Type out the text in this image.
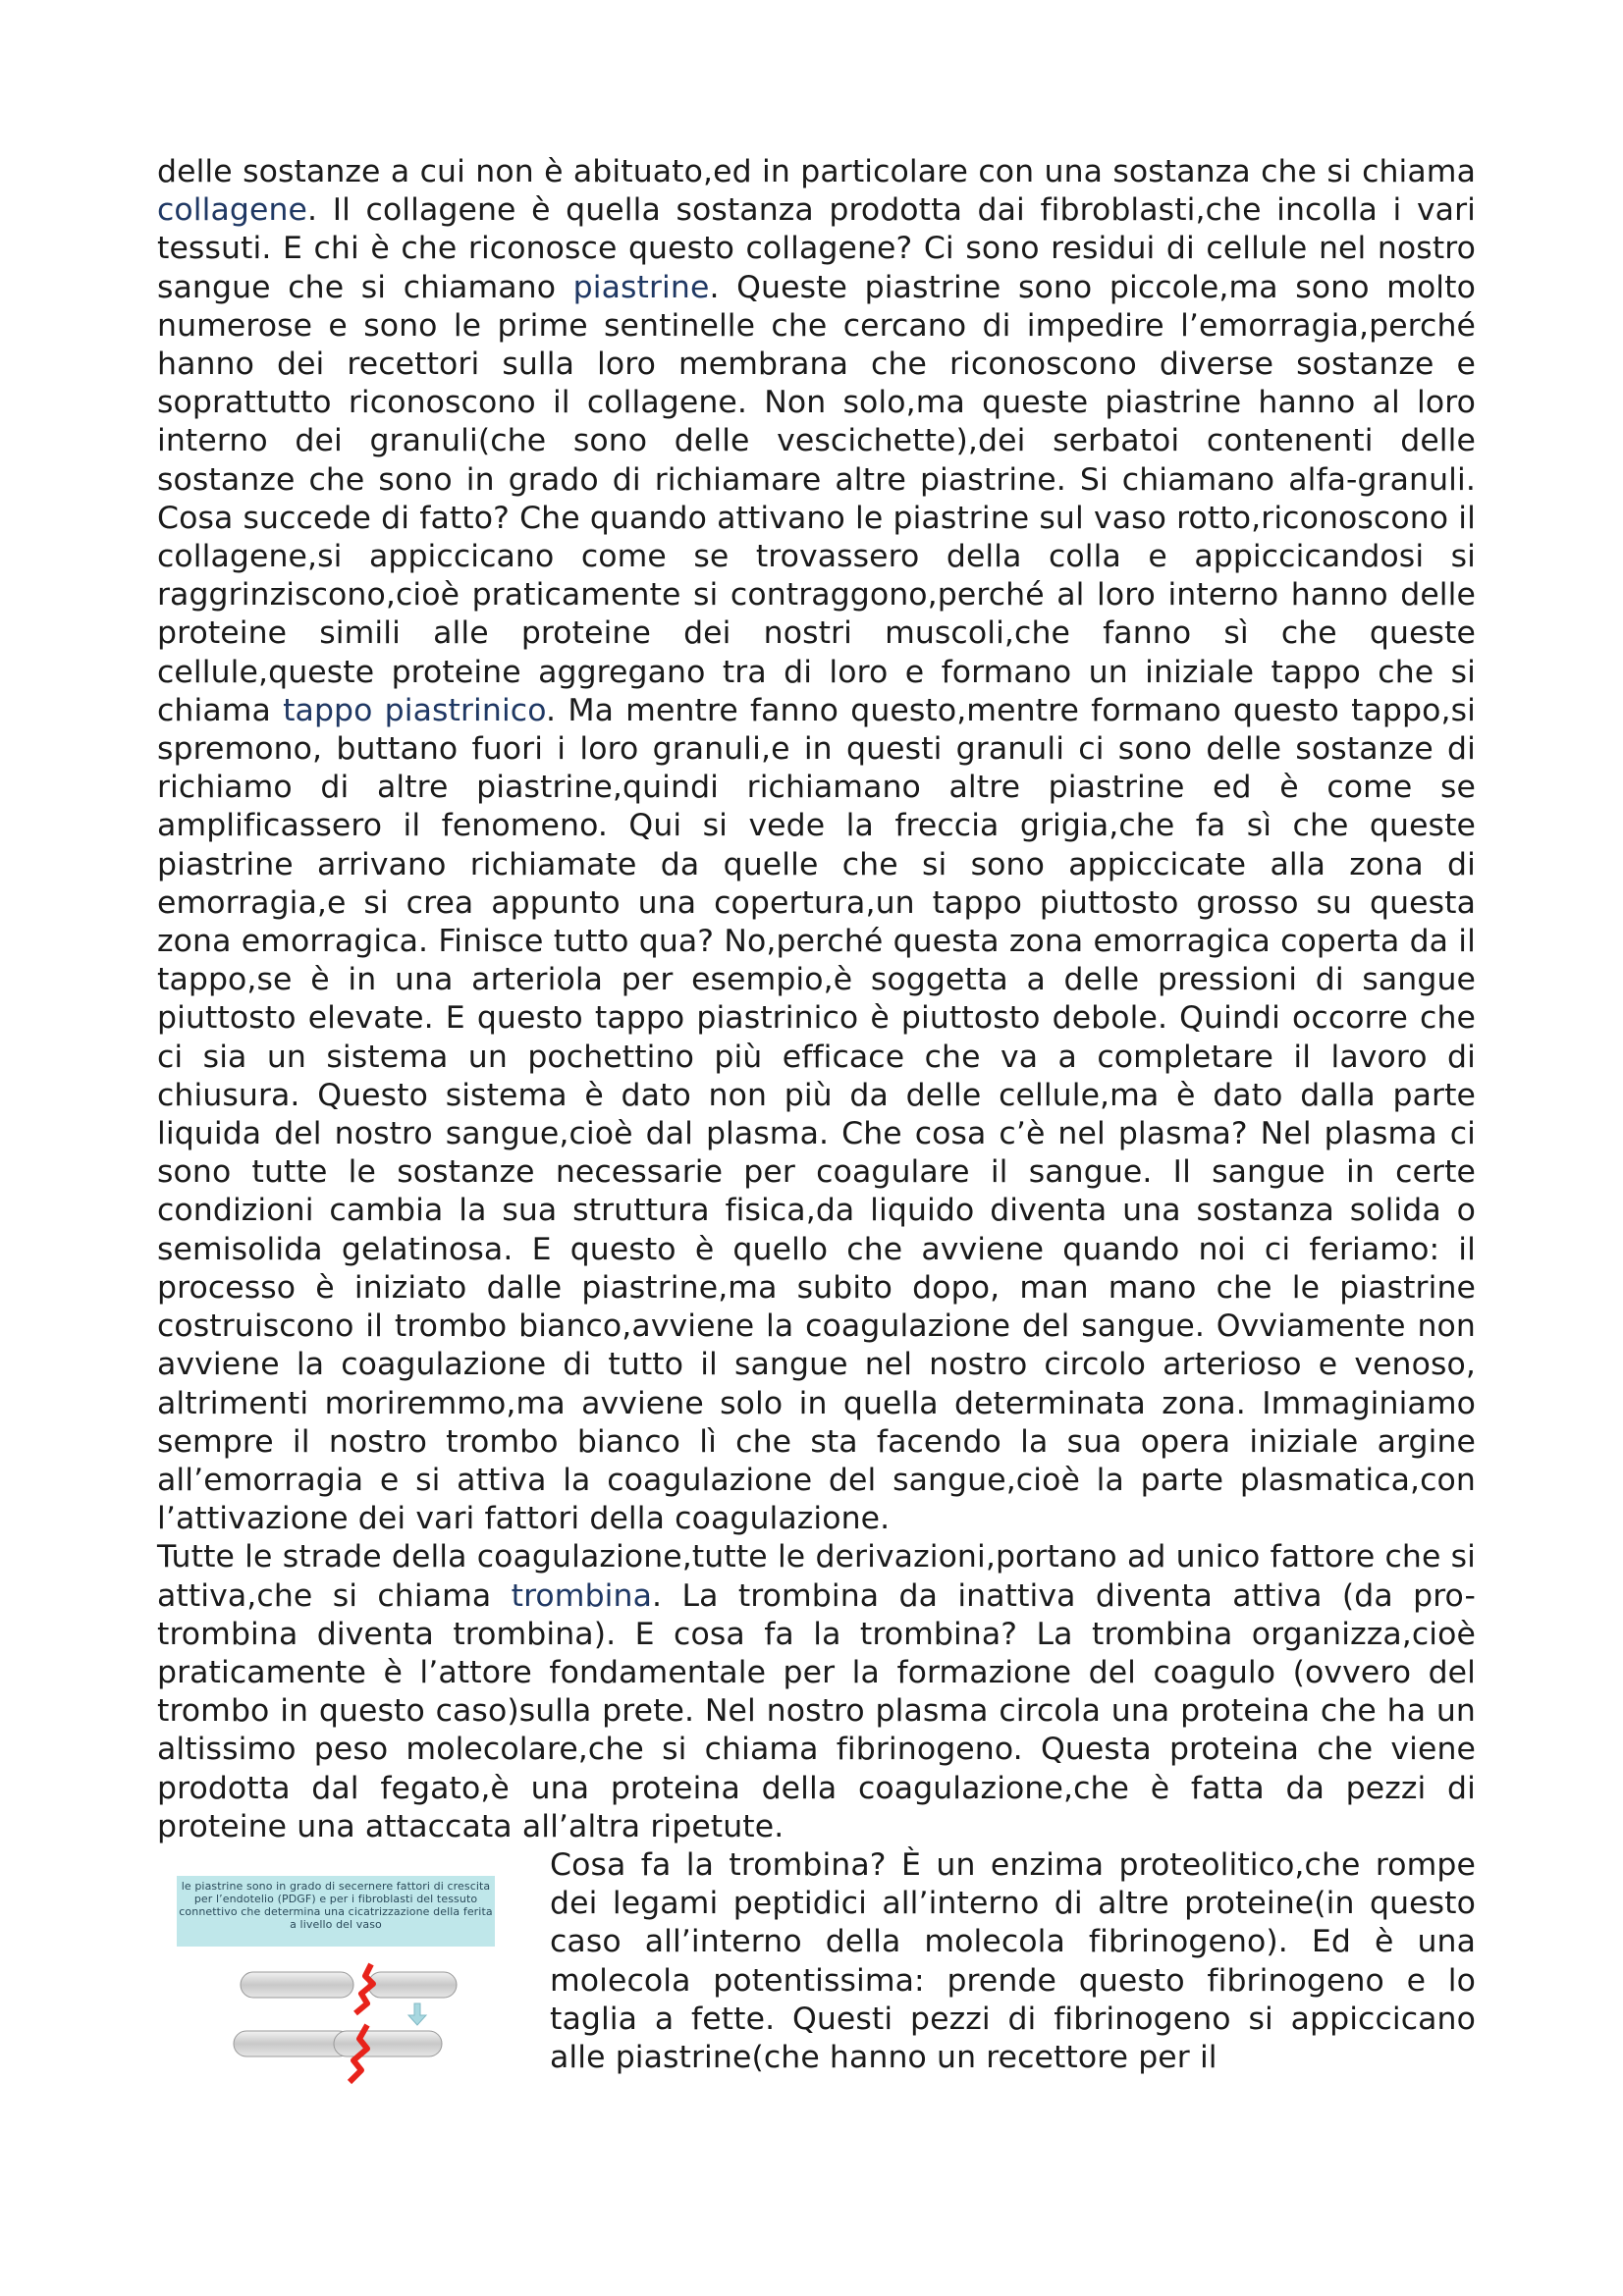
delle sostanze a cui non è abituato,ed in particolare con una sostanza che si chiama collagene. Il collagene è quella sostanza prodotta dai fibroblasti,che incolla i vari tessuti. E chi è che riconosce questo collagene? Ci sono residui di cellule nel nostro sangue che si chiamano piastrine. Queste piastrine sono piccole,ma sono molto numerose e sono le prime sentinelle che cercano di impedire l’emorragia,perché hanno dei recettori sulla loro membrana che riconoscono diverse sostanze e soprattutto riconoscono il collagene. Non solo,ma queste piastrine hanno al loro interno dei granuli(che sono delle vescichette),dei serbatoi contenenti delle sostanze che sono in grado di richiamare altre piastrine. Si chiamano alfa-granuli. Cosa succede di fatto? Che quando attivano le piastrine sul vaso rotto,riconoscono il collagene,si appiccicano come se trovassero della colla e appiccicandosi si raggrinziscono,cioè praticamente si contraggono,perché al loro interno hanno delle proteine simili alle proteine dei nostri muscoli,che fanno sì che queste cellule,queste proteine aggregano tra di loro e formano un iniziale tappo che si chiama tappo piastrinico. Ma mentre fanno questo,mentre formano questo tappo,si spremono, buttano fuori i loro granuli,e in questi granuli ci sono delle sostanze di richiamo di altre piastrine,quindi richiamano altre piastrine ed è come se amplificassero il fenomeno. Qui si vede la freccia grigia,che fa sì che queste piastrine arrivano richiamate da quelle che si sono appiccicate alla zona di emorragia,e si crea appunto una copertura,un tappo piuttosto grosso su questa zona emorragica. Finisce tutto qua? No,perché questa zona emorragica coperta da il tappo,se è in una arteriola per esempio,è soggetta a delle pressioni di sangue piuttosto elevate. E questo tappo piastrinico è piuttosto debole. Quindi occorre che ci sia un sistema un pochettino più efficace che va a completare il lavoro di chiusura. Questo sistema è dato non più da delle cellule,ma è dato dalla parte liquida del nostro sangue,cioè dal plasma. Che cosa c’è nel plasma? Nel plasma ci sono tutte le sostanze necessarie per coagulare il sangue. Il sangue in certe condizioni cambia la sua struttura fisica,da liquido diventa una sostanza solida o semisolida gelatinosa. E questo è quello che avviene quando noi ci feriamo: il processo è iniziato dalle piastrine,ma subito dopo, man mano che le piastrine costruiscono il trombo bianco,avviene la coagulazione del sangue. Ovviamente non avviene la coagulazione di tutto il sangue nel nostro circolo arterioso e venoso, altrimenti moriremmo,ma avviene solo in quella determinata zona. Immaginiamo sempre il nostro trombo bianco lì che sta facendo la sua opera iniziale argine all’emorragia e si attiva la coagulazione del sangue,cioè la parte plasmatica,con l’attivazione dei vari fattori della coagulazione.

Tutte le strade della coagulazione,tutte le derivazioni,portano ad unico fattore che si attiva,che si chiama trombina. La trombina da inattiva diventa attiva (da pro-trombina diventa trombina). E cosa fa la trombina? La trombina organizza,cioè praticamente è l’attore fondamentale per la formazione del coagulo (ovvero del trombo in questo caso)sulla prete. Nel nostro plasma circola una proteina che ha un altissimo peso molecolare,che si chiama fibrinogeno. Questa proteina che viene prodotta dal fegato,è una proteina della coagulazione,che è fatta da pezzi di proteine una attaccata all’altra ripetute.

le piastrine sono in grado di secernere fattori di crescita per l’endotelio (PDGF) e per i fibroblasti del tessuto connettivo che determina una cicatrizzazione della ferita a livello del vaso
Cosa fa la trombina? È un enzima proteolitico,che rompe dei legami peptidici all’interno di altre proteine(in questo caso all’interno della molecola fibrinogeno). Ed è una molecola potentissima: prende questo fibrinogeno e lo taglia a fette. Questi pezzi di fibrinogeno si appiccicano alle piastrine(che hanno un recettore per il
